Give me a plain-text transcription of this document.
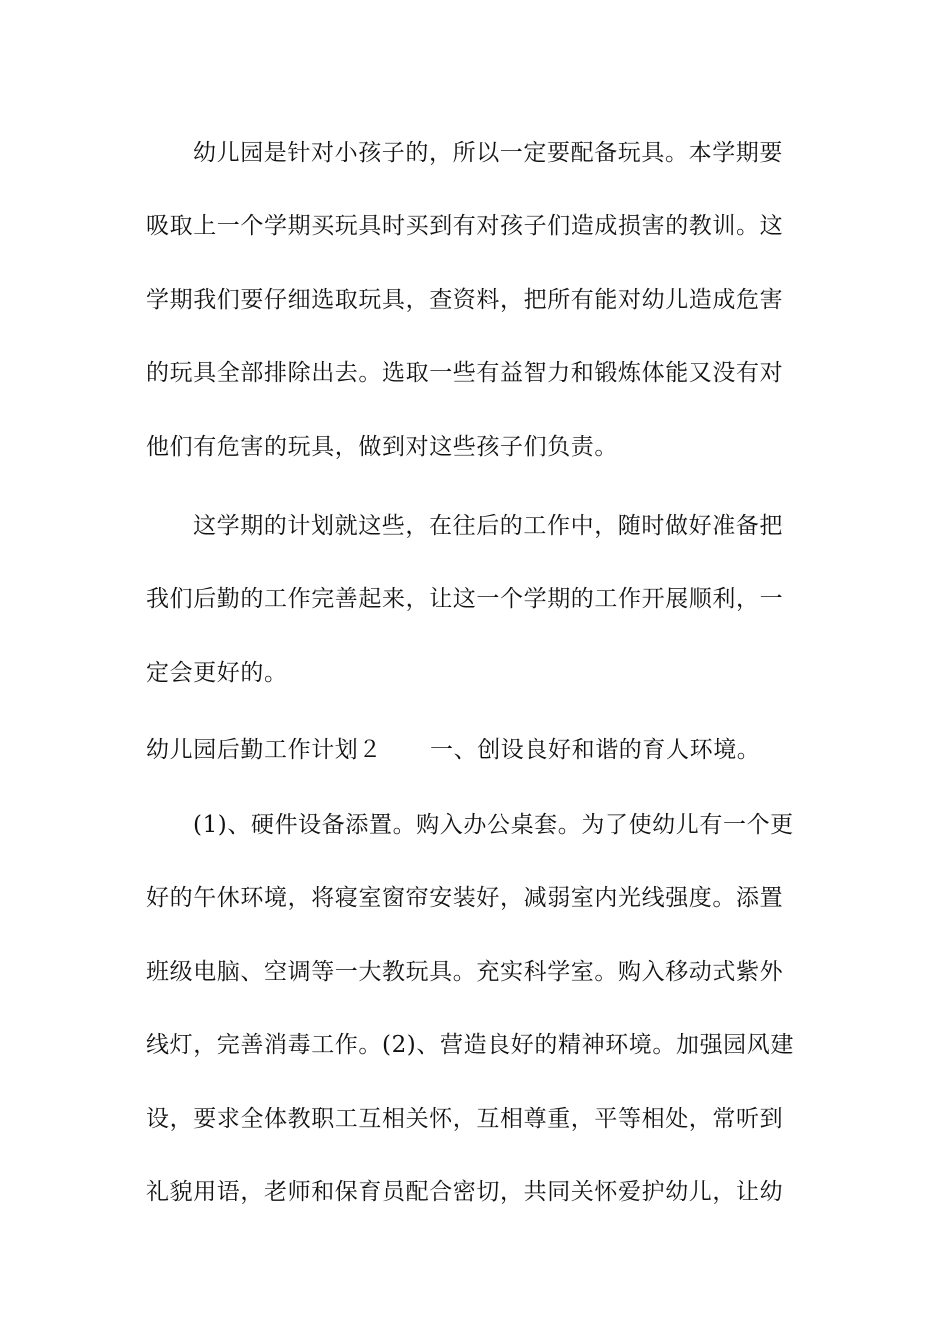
幼儿园是针对小孩子的，所以一定要配备玩具。本学期要
吸取上一个学期买玩具时买到有对孩子们造成损害的教训。这
学期我们要仔细选取玩具，查资料，把所有能对幼儿造成危害
的玩具全部排除出去。选取一些有益智力和锻炼体能又没有对
他们有危害的玩具，做到对这些孩子们负责。
这学期的计划就这些，在往后的工作中，随时做好准备把
我们后勤的工作完善起来，让这一个学期的工作开展顺利，一
定会更好的。
幼儿园后勤工作计划２ 一、创设良好和谐的育人环境。
(1)、硬件设备添置。购入办公桌套。为了使幼儿有一个更
好的午休环境，将寝室窗帘安装好，减弱室内光线强度。添置
班级电脑、空调等一大教玩具。充实科学室。购入移动式紫外
线灯，完善消毒工作。(2)、营造良好的精神环境。加强园风建
设，要求全体教职工互相关怀，互相尊重，平等相处，常听到
礼貌用语，老师和保育员配合密切，共同关怀爱护幼儿，让幼
